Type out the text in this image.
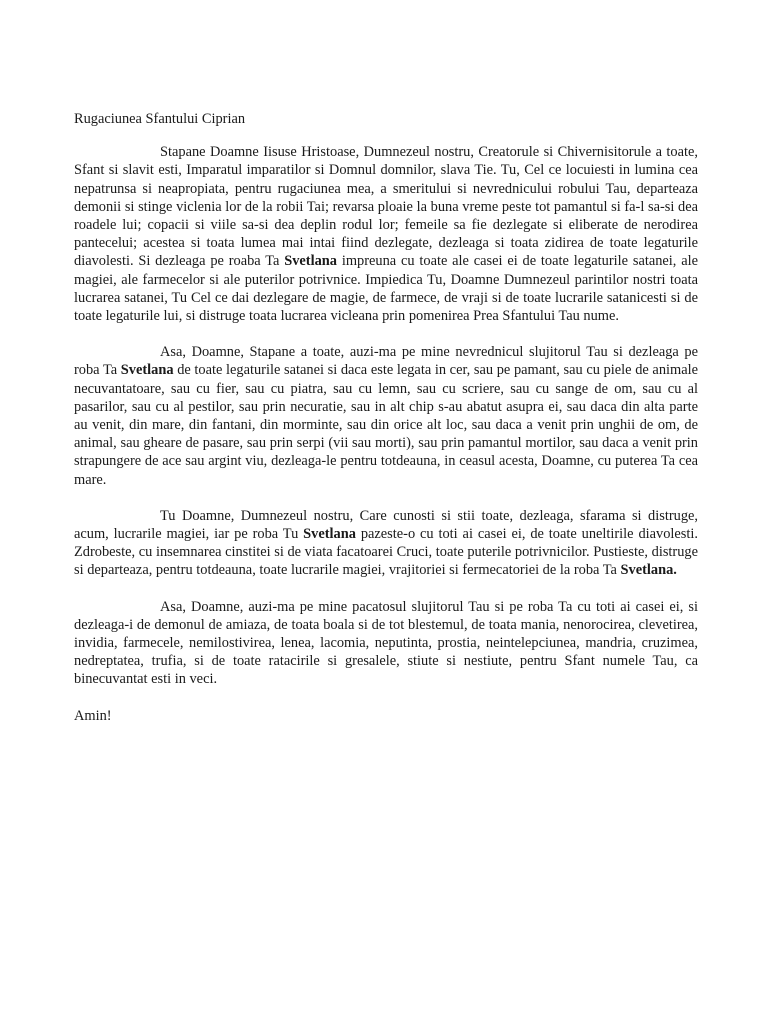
Rugaciunea Sfantului Ciprian

Stapane Doamne Iisuse Hristoase, Dumnezeul nostru, Creatorule si Chivernisitorule a toate, Sfant si slavit esti, Imparatul imparatilor si Domnul domnilor, slava Tie. Tu, Cel ce locuiesti in lumina cea nepatrunsa si neapropiata, pentru rugaciunea mea, a smeritului si nevrednicului robului Tau, departeaza demonii si stinge viclenia lor de la robii Tai; revarsa ploaie la buna vreme peste tot pamantul si fa-l sa-si dea roadele lui; copacii si viile sa-si dea deplin rodul lor; femeile sa fie dezlegate si eliberate de nerodirea pantecelui; acestea si toata lumea mai intai fiind dezlegate, dezleaga si toata zidirea de toate legaturile diavolesti. Si dezleaga pe roaba Ta Svetlana impreuna cu toate ale casei ei de toate legaturile satanei, ale magiei, ale farmecelor si ale puterilor potrivnice. Impiedica Tu, Doamne Dumnezeul parintilor nostri toata lucrarea satanei, Tu Cel ce dai dezlegare de magie, de farmece, de vraji si de toate lucrarile satanicesti si de toate legaturile lui, si distruge toata lucrarea vicleana prin pomenirea Prea Sfantului Tau nume.

Asa, Doamne, Stapane a toate, auzi-ma pe mine nevrednicul slujitorul Tau si dezleaga pe roba Ta Svetlana de toate legaturile satanei si daca este legata in cer, sau pe pamant, sau cu piele de animale necuvantatoare, sau cu fier, sau cu piatra, sau cu lemn, sau cu scriere, sau cu sange de om, sau cu al pasarilor, sau cu al pestilor, sau prin necuratie, sau in alt chip s-au abatut asupra ei, sau daca din alta parte au venit, din mare, din fantani, din morminte, sau din orice alt loc, sau daca a venit prin unghii de om, de animal, sau gheare de pasare, sau prin serpi (vii sau morti), sau prin pamantul mortilor, sau daca a venit prin strapungere de ace sau argint viu, dezleaga-le pentru totdeauna, in ceasul acesta, Doamne, cu puterea Ta cea mare.

Tu Doamne, Dumnezeul nostru, Care cunosti si stii toate, dezleaga, sfarama si distruge, acum, lucrarile magiei, iar pe roba Tu Svetlana pazeste-o cu toti ai casei ei, de toate uneltirile diavolesti. Zdrobeste, cu insemnarea cinstitei si de viata facatoarei Cruci, toate puterile potrivnicilor. Pustieste, distruge si departeaza, pentru totdeauna, toate lucrarile magiei, vrajitoriei si fermecatoriei de la roba Ta Svetlana.

Asa, Doamne, auzi-ma pe mine pacatosul slujitorul Tau si pe roba Ta cu toti ai casei ei, si dezleaga-i de demonul de amiaza, de toata boala si de tot blestemul, de toata mania, nenorocirea, clevetirea, invidia, farmecele, nemilostivirea, lenea, lacomia, neputinta, prostia, neintelepciunea, mandria, cruzimea, nedreptatea, trufia, si de toate ratacirile si gresalele, stiute si nestiute, pentru Sfant numele Tau, ca binecuvantat esti in veci.

Amin!
